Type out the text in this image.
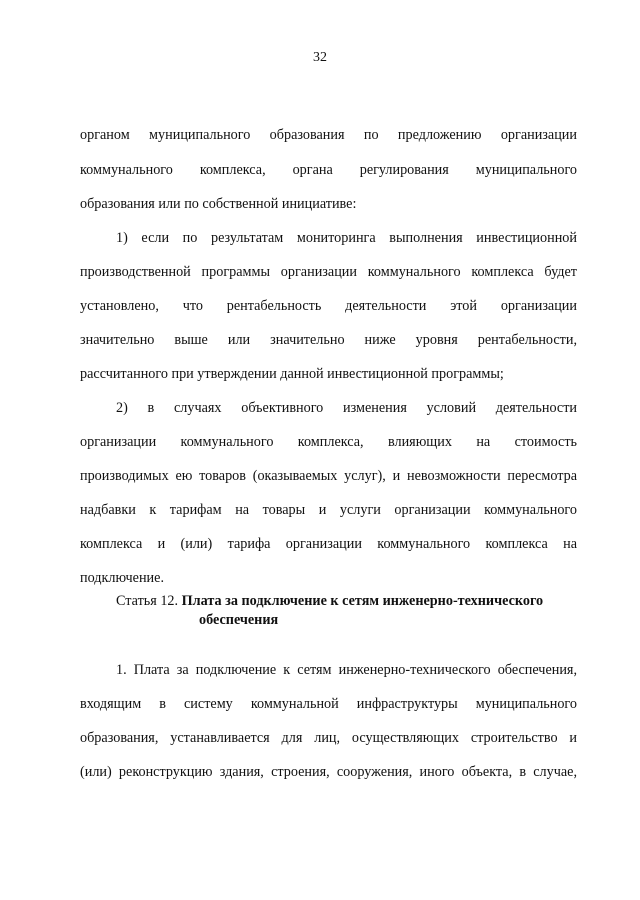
32
органом муниципального образования по предложению организации
коммунального комплекса, органа регулирования муниципального
образования или по собственной инициативе:
1) если по результатам мониторинга выполнения инвестиционной
производственной программы организации коммунального комплекса будет
установлено, что рентабельность деятельности этой организации
значительно выше или значительно ниже уровня рентабельности,
рассчитанного при утверждении данной инвестиционной программы;
2) в случаях объективного изменения условий деятельности
организации коммунального комплекса, влияющих на стоимость
производимых ею товаров (оказываемых услуг), и невозможности пересмотра
надбавки к тарифам на товары и услуги организации коммунального
комплекса и (или) тарифа организации коммунального комплекса на
подключение.
Статья 12. Плата за подключение к сетям инженерно-технического
обеспечения
1. Плата за подключение к сетям инженерно-технического обеспечения,
входящим в систему коммунальной инфраструктуры муниципального
образования, устанавливается для лиц, осуществляющих строительство и
(или) реконструкцию здания, строения, сооружения, иного объекта, в случае,
